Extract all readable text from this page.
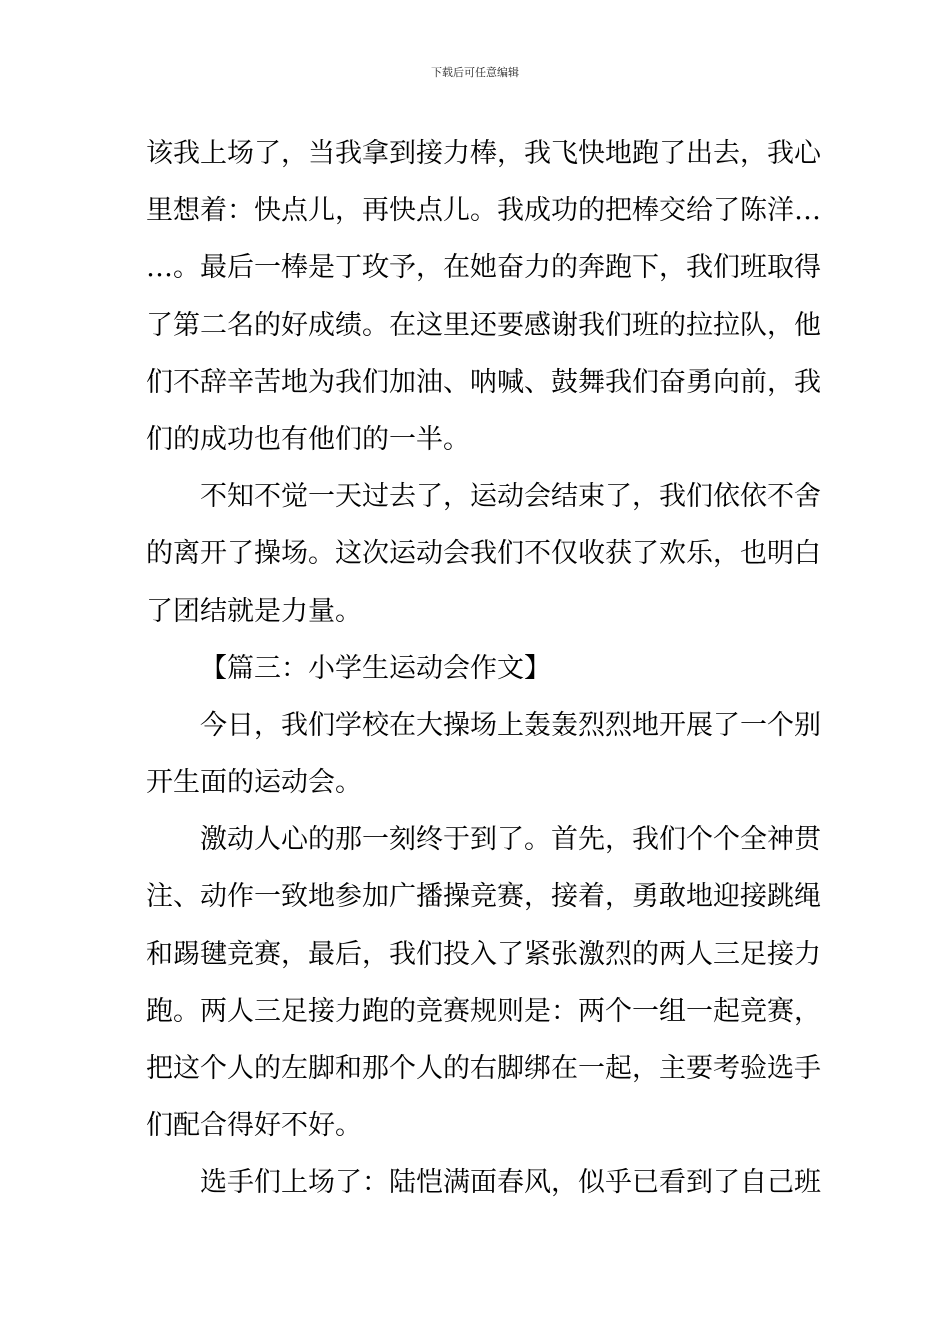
下载后可任意编辑
该我上场了，当我拿到接力棒，我飞快地跑了出去，我心
里想着：快点儿，再快点儿。我成功的把棒交给了陈洋…
…。最后一棒是丁玫予，在她奋力的奔跑下，我们班取得
了第二名的好成绩。在这里还要感谢我们班的拉拉队，他
们不辞辛苦地为我们加油、呐喊、鼓舞我们奋勇向前，我
们的成功也有他们的一半。
不知不觉一天过去了，运动会结束了，我们依依不舍
的离开了操场。这次运动会我们不仅收获了欢乐，也明白
了团结就是力量。
【篇三：小学生运动会作文】
今日，我们学校在大操场上轰轰烈烈地开展了一个别
开生面的运动会。
激动人心的那一刻终于到了。首先，我们个个全神贯
注、动作一致地参加广播操竞赛，接着，勇敢地迎接跳绳
和踢毽竞赛，最后，我们投入了紧张激烈的两人三足接力
跑。两人三足接力跑的竞赛规则是：两个一组一起竞赛，
把这个人的左脚和那个人的右脚绑在一起，主要考验选手
们配合得好不好。
选手们上场了：陆恺满面春风，似乎已看到了自己班
